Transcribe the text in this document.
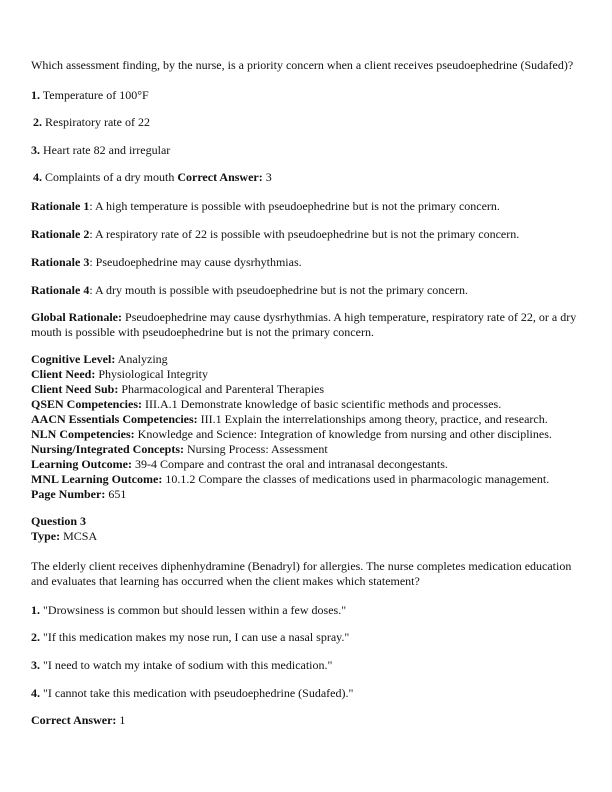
Which assessment finding, by the nurse, is a priority concern when a client receives pseudoephedrine (Sudafed)?
1. Temperature of 100°F
2. Respiratory rate of 22
3. Heart rate 82 and irregular
4. Complaints of a dry mouth Correct Answer: 3
Rationale 1: A high temperature is possible with pseudoephedrine but is not the primary concern.
Rationale 2: A respiratory rate of 22 is possible with pseudoephedrine but is not the primary concern.
Rationale 3: Pseudoephedrine may cause dysrhythmias.
Rationale 4: A dry mouth is possible with pseudoephedrine but is not the primary concern.
Global Rationale: Pseudoephedrine may cause dysrhythmias. A high temperature, respiratory rate of 22, or a dry mouth is possible with pseudoephedrine but is not the primary concern.
Cognitive Level: Analyzing
Client Need: Physiological Integrity
Client Need Sub: Pharmacological and Parenteral Therapies
QSEN Competencies: III.A.1 Demonstrate knowledge of basic scientific methods and processes.
AACN Essentials Competencies: III.1 Explain the interrelationships among theory, practice, and research.
NLN Competencies: Knowledge and Science: Integration of knowledge from nursing and other disciplines.
Nursing/Integrated Concepts: Nursing Process: Assessment
Learning Outcome: 39-4 Compare and contrast the oral and intranasal decongestants.
MNL Learning Outcome: 10.1.2 Compare the classes of medications used in pharmacologic management.
Page Number: 651
Question 3
Type: MCSA
The elderly client receives diphenhydramine (Benadryl) for allergies. The nurse completes medication education and evaluates that learning has occurred when the client makes which statement?
1. "Drowsiness is common but should lessen within a few doses."
2. "If this medication makes my nose run, I can use a nasal spray."
3. "I need to watch my intake of sodium with this medication."
4. "I cannot take this medication with pseudoephedrine (Sudafed)."
Correct Answer: 1
